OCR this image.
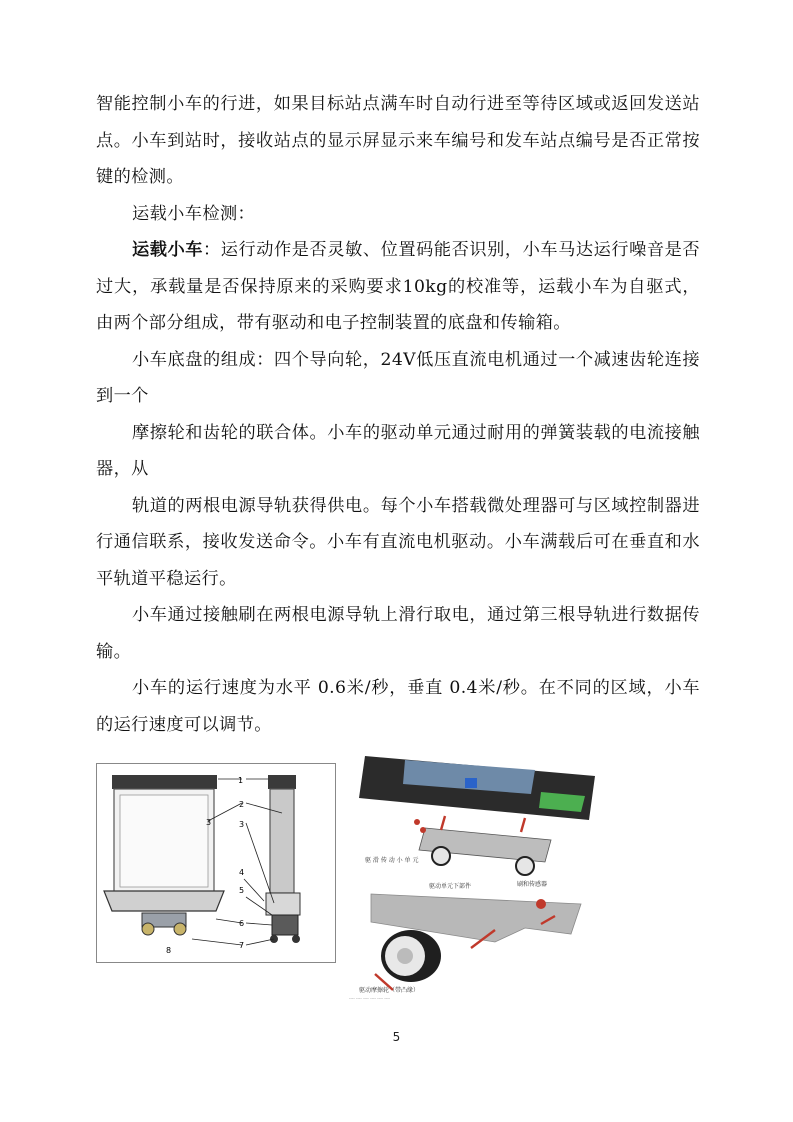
智能控制小车的行进，如果目标站点满车时自动行进至等待区域或返回发送站点。小车到站时，接收站点的显示屏显示来车编号和发车站点编号是否正常按键的检测。

运载小车检测：

运载小车：运行动作是否灵敏、位置码能否识别，小车马达运行噪音是否过大，承载量是否保持原来的采购要求10kg的校准等，运载小车为自驱式，由两个部分组成，带有驱动和电子控制装置的底盘和传输箱。

小车底盘的组成：四个导向轮，24V低压直流电机通过一个减速齿轮连接到一个

摩擦轮和齿轮的联合体。小车的驱动单元通过耐用的弹簧装载的电流接触器，从

轨道的两根电源导轨获得供电。每个小车搭载微处理器可与区域控制器进行通信联系，接收发送命令。小车有直流电机驱动。小车满载后可在垂直和水平轨道平稳运行。

小车通过接触刷在两根电源导轨上滑行取电，通过第三根导轨进行数据传输。

小车的运行速度为水平 0.6米/秒，垂直 0.4米/秒。在不同的区域，小车的运行速度可以调节。

1
2
3
3
4
5
6
7
8
驱 滑 传 动 小 单 元
刷和传感器
驱动单元下部件
驱动摩擦轮（带凸缘）
---- ---- ---- ---- ---- ----
5
